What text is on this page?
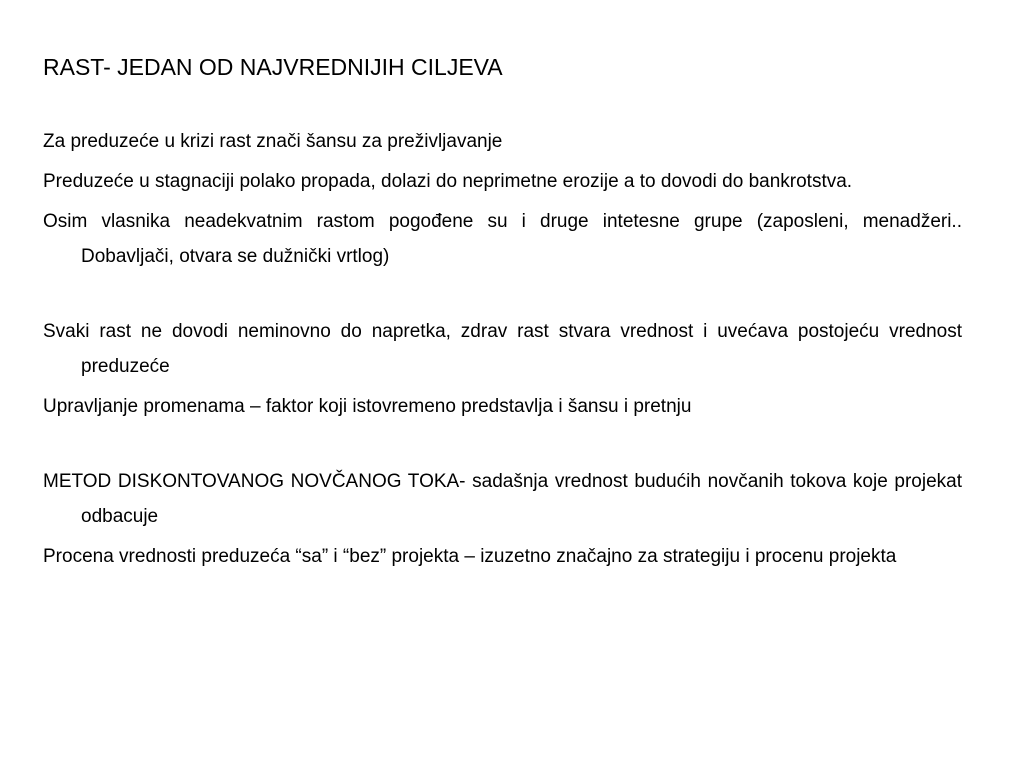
RAST- JEDAN OD NAJVREDNIJIH CILJEVA

Za preduzeće u krizi rast znači šansu za preživljavanje

Preduzeće u stagnaciji polako propada, dolazi do neprimetne erozije a to dovodi do bankrotstva.

Osim vlasnika neadekvatnim rastom pogođene su i druge intetesne grupe (zaposleni, menadžeri.. Dobavljači, otvara se dužnički vrtlog)

Svaki rast ne dovodi neminovno do napretka, zdrav rast stvara vrednost i uvećava postojeću vrednost preduzeće

Upravljanje promenama – faktor koji istovremeno predstavlja i šansu i pretnju

METOD DISKONTOVANOG NOVČANOG TOKA- sadašnja vrednost budućih novčanih tokova koje projekat odbacuje

Procena vrednosti preduzeća “sa” i “bez” projekta – izuzetno značajno za strategiju i procenu projekta
